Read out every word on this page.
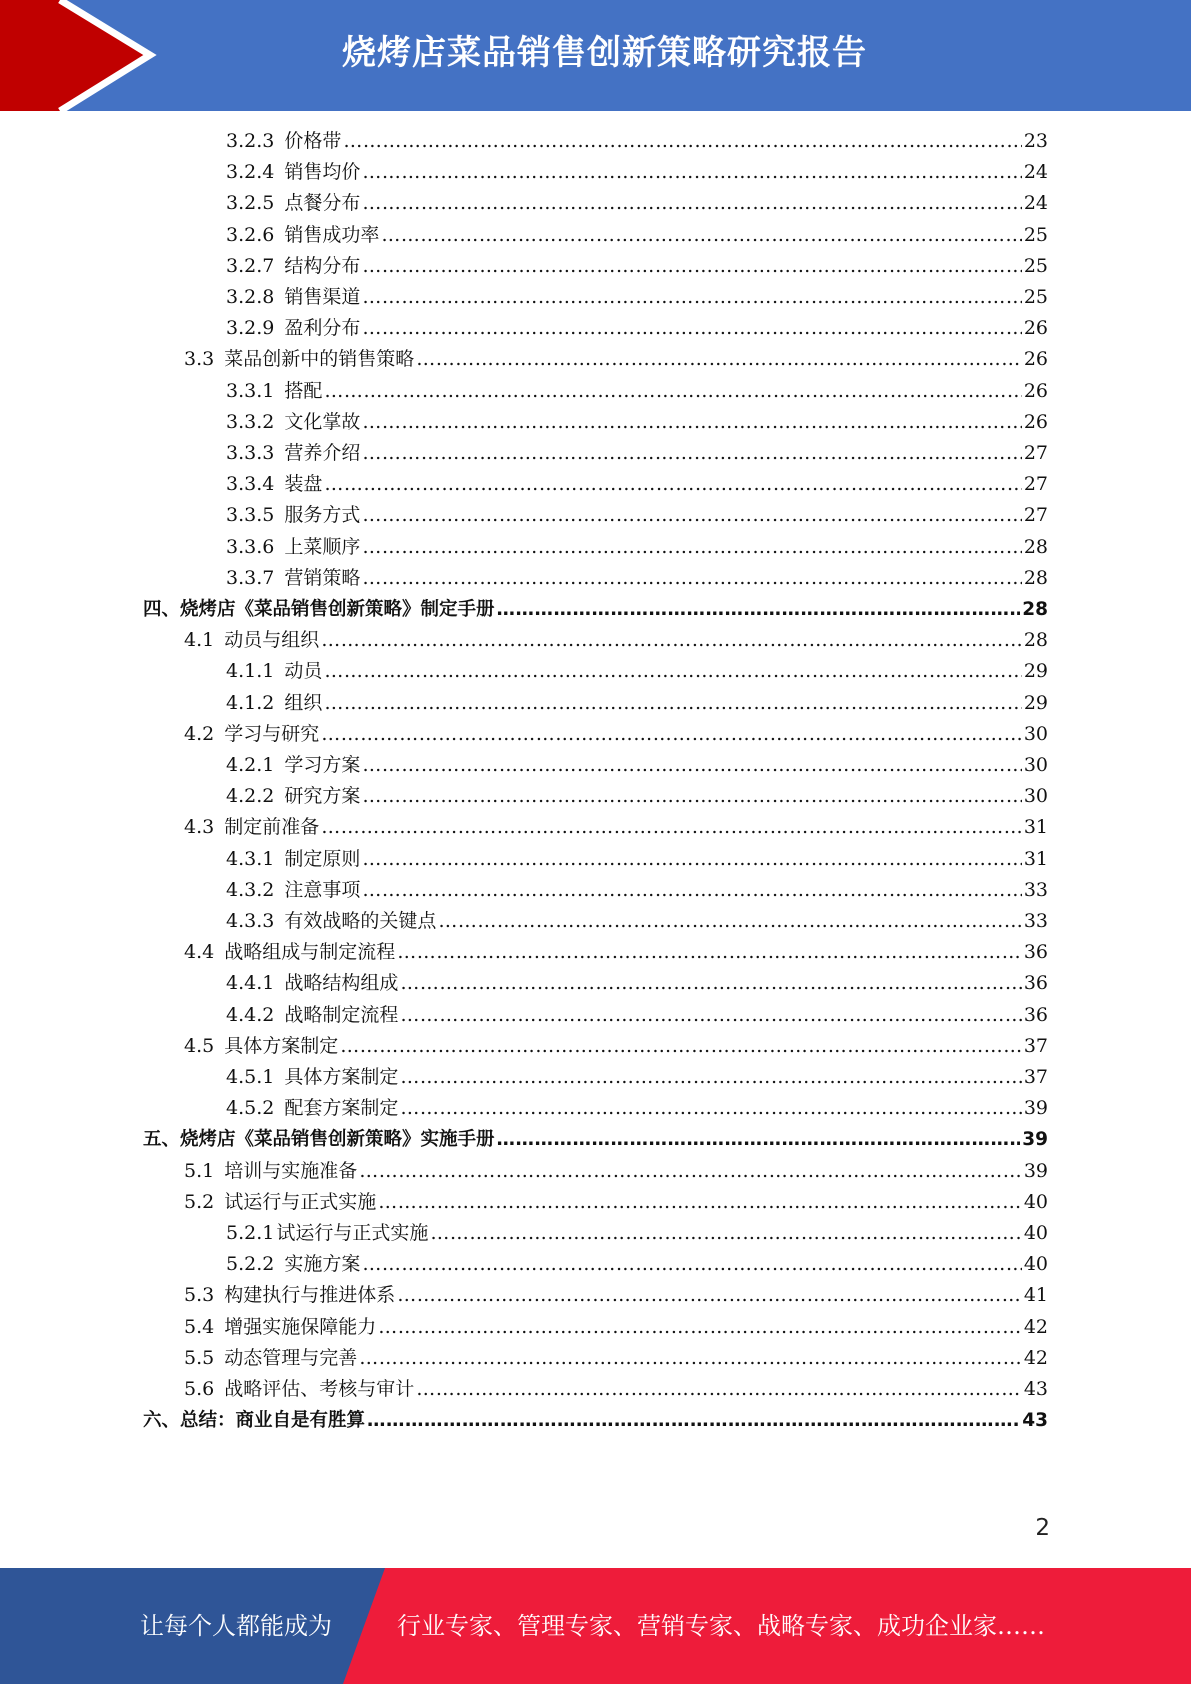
烧烤店菜品销售创新策略研究报告
3.2.3 价格带 …………………………………………………………………………………………………………………………………………………………………………………………………………………………………………………………………………………………………………………………	23
3.2.4 销售均价 …………………………………………………………………………………………………………………………………………………………………………………………………………………………………………………………………………………………………………………………	24
3.2.5 点餐分布 …………………………………………………………………………………………………………………………………………………………………………………………………………………………………………………………………………………………………………………………	24
3.2.6 销售成功率 …………………………………………………………………………………………………………………………………………………………………………………………………………………………………………………………………………………………………………………………	25
3.2.7 结构分布 …………………………………………………………………………………………………………………………………………………………………………………………………………………………………………………………………………………………………………………………	25
3.2.8 销售渠道 …………………………………………………………………………………………………………………………………………………………………………………………………………………………………………………………………………………………………………………………	25
3.2.9 盈利分布 …………………………………………………………………………………………………………………………………………………………………………………………………………………………………………………………………………………………………………………………	26
3.3 菜品创新中的销售策略 …………………………………………………………………………………………………………………………………………………………………………………………………………………………………………………………………………………………………………………………	26
3.3.1 搭配 …………………………………………………………………………………………………………………………………………………………………………………………………………………………………………………………………………………………………………………………	26
3.3.2 文化掌故 …………………………………………………………………………………………………………………………………………………………………………………………………………………………………………………………………………………………………………………………	26
3.3.3 营养介绍 …………………………………………………………………………………………………………………………………………………………………………………………………………………………………………………………………………………………………………………………	27
3.3.4 装盘 …………………………………………………………………………………………………………………………………………………………………………………………………………………………………………………………………………………………………………………………	27
3.3.5 服务方式 …………………………………………………………………………………………………………………………………………………………………………………………………………………………………………………………………………………………………………………………	27
3.3.6 上菜顺序 …………………………………………………………………………………………………………………………………………………………………………………………………………………………………………………………………………………………………………………………	28
3.3.7 营销策略 …………………………………………………………………………………………………………………………………………………………………………………………………………………………………………………………………………………………………………………………	28
四、 烧烤店《菜品销售创新策略》制定手册 …………………………………………………………………………………………………………………………………………………………………………………………………………………………………………………………………………………………………………………………	28
4.1 动员与组织 …………………………………………………………………………………………………………………………………………………………………………………………………………………………………………………………………………………………………………………………	28
4.1.1 动员 …………………………………………………………………………………………………………………………………………………………………………………………………………………………………………………………………………………………………………………………	29
4.1.2 组织 …………………………………………………………………………………………………………………………………………………………………………………………………………………………………………………………………………………………………………………………	29
4.2 学习与研究 …………………………………………………………………………………………………………………………………………………………………………………………………………………………………………………………………………………………………………………………	30
4.2.1 学习方案 …………………………………………………………………………………………………………………………………………………………………………………………………………………………………………………………………………………………………………………………	30
4.2.2 研究方案 …………………………………………………………………………………………………………………………………………………………………………………………………………………………………………………………………………………………………………………………	30
4.3 制定前准备 …………………………………………………………………………………………………………………………………………………………………………………………………………………………………………………………………………………………………………………………	31
4.3.1 制定原则 …………………………………………………………………………………………………………………………………………………………………………………………………………………………………………………………………………………………………………………………	31
4.3.2 注意事项 …………………………………………………………………………………………………………………………………………………………………………………………………………………………………………………………………………………………………………………………	33
4.3.3 有效战略的关键点 …………………………………………………………………………………………………………………………………………………………………………………………………………………………………………………………………………………………………………………………	33
4.4 战略组成与制定流程 …………………………………………………………………………………………………………………………………………………………………………………………………………………………………………………………………………………………………………………………	36
4.4.1 战略结构组成 …………………………………………………………………………………………………………………………………………………………………………………………………………………………………………………………………………………………………………………………	36
4.4.2 战略制定流程 …………………………………………………………………………………………………………………………………………………………………………………………………………………………………………………………………………………………………………………………	36
4.5 具体方案制定 …………………………………………………………………………………………………………………………………………………………………………………………………………………………………………………………………………………………………………………………	37
4.5.1 具体方案制定 …………………………………………………………………………………………………………………………………………………………………………………………………………………………………………………………………………………………………………………………	37
4.5.2 配套方案制定 …………………………………………………………………………………………………………………………………………………………………………………………………………………………………………………………………………………………………………………………	39
五、 烧烤店《菜品销售创新策略》实施手册 …………………………………………………………………………………………………………………………………………………………………………………………………………………………………………………………………………………………………………………………	39
5.1 培训与实施准备 …………………………………………………………………………………………………………………………………………………………………………………………………………………………………………………………………………………………………………………………	39
5.2 试运行与正式实施 …………………………………………………………………………………………………………………………………………………………………………………………………………………………………………………………………………………………………………………………	40
5.2.1 试运行与正式实施 …………………………………………………………………………………………………………………………………………………………………………………………………………………………………………………………………………………………………………………………	40
5.2.2 实施方案 …………………………………………………………………………………………………………………………………………………………………………………………………………………………………………………………………………………………………………………………	40
5.3 构建执行与推进体系 …………………………………………………………………………………………………………………………………………………………………………………………………………………………………………………………………………………………………………………………	41
5.4 增强实施保障能力 …………………………………………………………………………………………………………………………………………………………………………………………………………………………………………………………………………………………………………………………	42
5.5 动态管理与完善 …………………………………………………………………………………………………………………………………………………………………………………………………………………………………………………………………………………………………………………………	42
5.6 战略评估、考核与审计 …………………………………………………………………………………………………………………………………………………………………………………………………………………………………………………………………………………………………………………………	43
六、 总结：商业自是有胜算 …………………………………………………………………………………………………………………………………………………………………………………………………………………………………………………………………………………………………………………………	43
2
让每个人都能成为	行业专家、管理专家、营销专家、战略专家、成功企业家……
